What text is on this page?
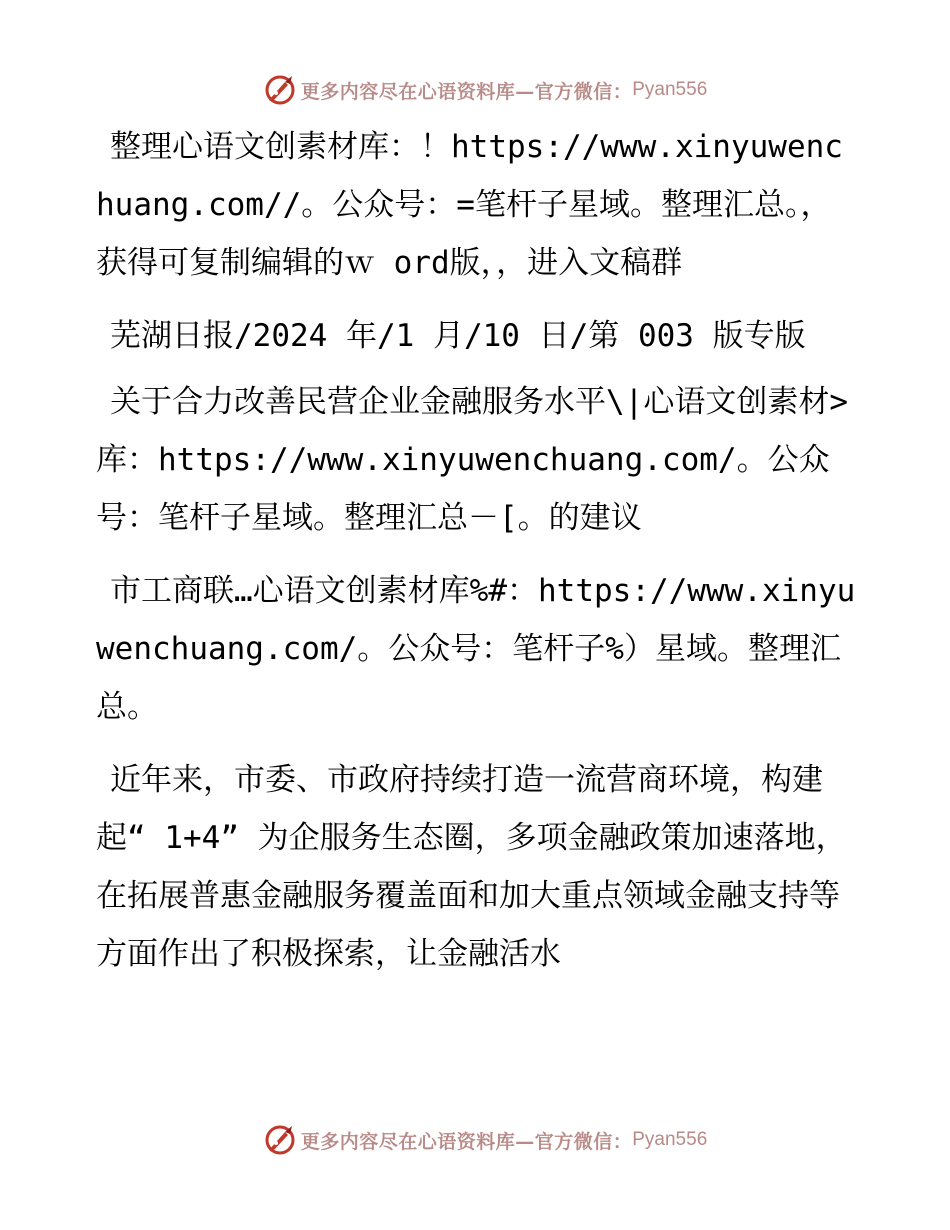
更多内容尽在心语资料库—官方微信： Pyan556

整理心语文创素材库：！https://www.xinyuwenchuang.com//。公众号：=笔杆子星域。整理汇总。，获得可复制编辑的ｗ ord版，，进入文稿群

芜湖日报/2024 年/1 月/10 日/第 003 版专版

关于合力改善民营企业金融服务水平\|心语文创素材>库：https://www.xinyuwenchuang.com/。公众号：笔杆子星域。整理汇总－[。的建议

市工商联…心语文创素材库%#：https://www.xinyuwenchuang.com/。公众号：笔杆子%）星域。整理汇总。

近年来，市委、市政府持续打造一流营商环境，构建起“ 1+4” 为企服务生态圈，多项金融政策加速落地，在拓展普惠金融服务覆盖面和加大重点领域金融支持等方面作出了积极探索，让金融活水

更多内容尽在心语资料库—官方微信： Pyan556
